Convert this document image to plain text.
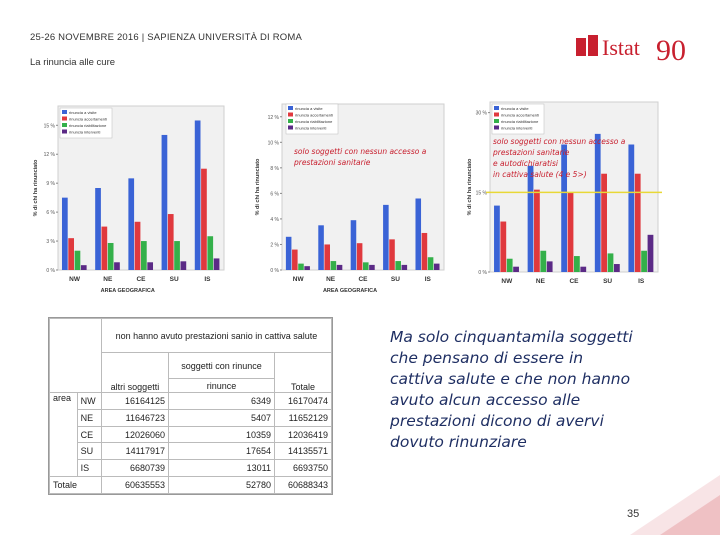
25-26 NOVEMBRE 2016 | SAPIENZA UNIVERSITÀ DI ROMA
La rinuncia alle cure
Istat 90
0 %
3 %
6 %
9 %
12 %
15 %
NW	NE	CE	SU	IS
AREA GEOGRAFICA
% di chi ha rinunciato
rinuncia a visite
rinuncia accertamenti
rinuncia riabilitazione
rinuncia interventi
0 %
2 %
4 %
6 %
8 %
10 %
12 %
NW	NE	CE	SU	IS
AREA GEOGRAFICA
% di chi ha rinunciato
rinuncia a visite
rinuncia accertamenti
rinuncia riabilitazione
rinuncia interventi
solo soggetti con nessun accesso a
prestazioni sanitarie
0 %
15 %
30 %
NW	NE	CE	SU	IS
% di chi ha rinunciato
rinuncia a visite
rinuncia accertamenti
rinuncia riabilitazione
rinuncia interventi
solo soggetti con nessun accesso a
prestazioni sanitarie
e autodichiaratisi
in cattiva salute (4 e 5>)
		non hanno avuto prestazioni sanio in cattiva salute		
		altri soggetti	soggetti con rinunce	Totale
			rinunce	
area	NW	16164125	6349	16170474
	NE	11646723	5407	11652129
	CE	12026060	10359	12036419
	SU	14117917	17654	14135571
	IS	6680739	13011	6693750
Totale		60635553	52780	60688343
Ma solo cinquantamila soggetti che pensano di essere in cattiva salute e che non hanno avuto alcun accesso alle prestazioni dicono di avervi dovuto rinunziare
35
